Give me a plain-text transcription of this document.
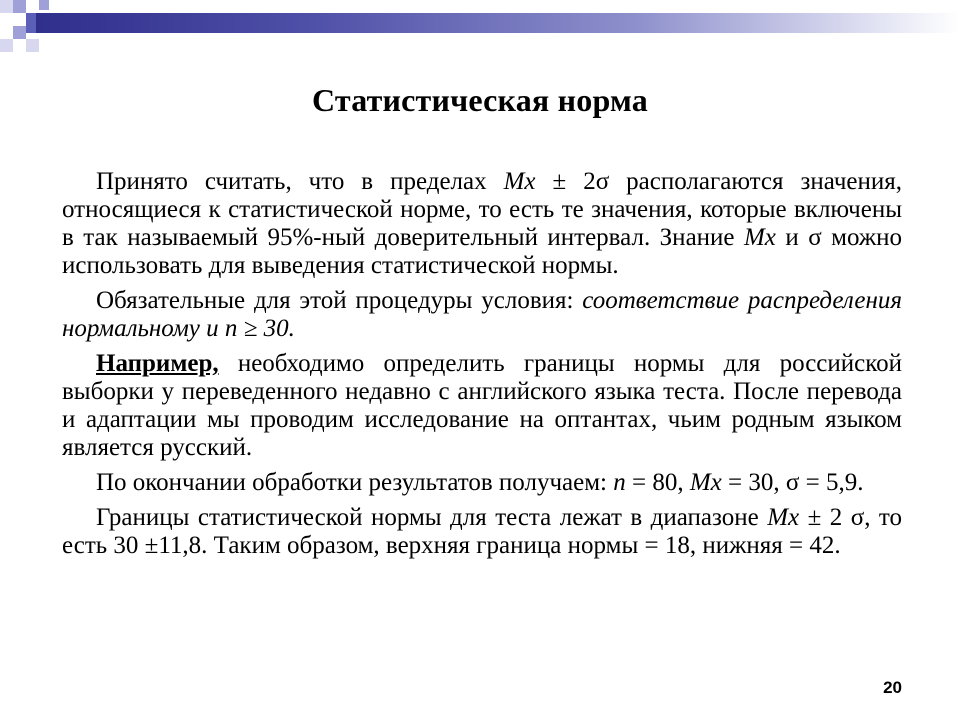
Статистическая норма

Принято считать, что в пределах Mx ± 2σ располагаются значения, относящиеся к статистической норме, то есть те значения, которые включены в так называемый 95%-ный доверительный интервал. Знание Mx и σ можно использовать для выведения статистической нормы.

Обязательные для этой процедуры условия: соответствие распределения нормальному и n ≥ 30.

Например, необходимо определить границы нормы для российской выборки у переведенного недавно с английского языка теста. После перевода и адаптации мы проводим исследование на оптантах, чьим родным языком является русский.

По окончании обработки результатов получаем: n = 80, Mx = 30, σ = 5,9.

Границы статистической нормы для теста лежат в диапазоне Mx ± 2 σ, то есть 30 ±11,8. Таким образом, верхняя граница нормы = 18, нижняя = 42.

20
